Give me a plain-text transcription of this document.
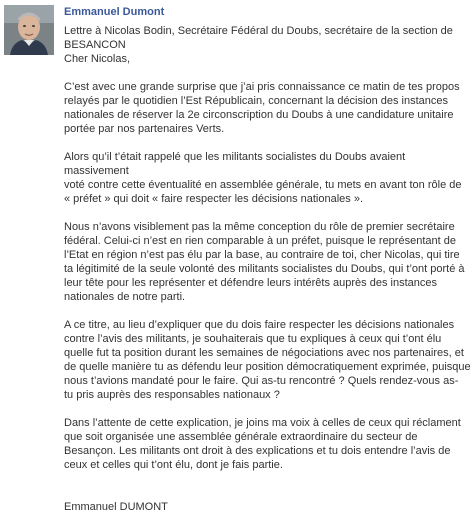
Emmanuel Dumont

Lettre à Nicolas Bodin, Secrétaire Fédéral du Doubs, secrétaire de la section de
BESANCON
Cher Nicolas,

C’est avec une grande surprise que j’ai pris connaissance ce matin de tes propos
relayés par le quotidien l’Est Républicain, concernant la décision des instances
nationales de réserver la 2e circonscription du Doubs à une candidature unitaire
portée par nos partenaires Verts.

Alors qu’il t’était rappelé que les militants socialistes du Doubs avaient massivement
voté contre cette éventualité en assemblée générale, tu mets en avant ton rôle de
« préfet » qui doit « faire respecter les décisions nationales ».

Nous n’avons visiblement pas la même conception du rôle de premier secrétaire
fédéral. Celui-ci n’est en rien comparable à un préfet, puisque le représentant de
l’Etat en région n’est pas élu par la base, au contraire de toi, cher Nicolas, qui tire
ta légitimité de la seule volonté des militants socialistes du Doubs, qui t’ont porté à
leur tête pour les représenter et défendre leurs intérêts auprès des instances
nationales de notre parti.

A ce titre, au lieu d’expliquer que du dois faire respecter les décisions nationales
contre l’avis des militants, je souhaiterais que tu expliques à ceux qui t’ont élu
quelle fut ta position durant les semaines de négociations avec nos partenaires, et
de quelle manière tu as défendu leur position démocratiquement exprimée, puisque
nous t’avions mandaté pour le faire. Qui as-tu rencontré ? Quels rendez-vous as-
tu pris auprès des responsables nationaux ?

Dans l’attente de cette explication, je joins ma voix à celles de ceux qui réclament
que soit organisée une assemblée générale extraordinaire du secteur de
Besançon. Les militants ont droit à des explications et tu dois entendre l’avis de
ceux et celles qui t’ont élu, dont je fais partie.

Emmanuel DUMONT
